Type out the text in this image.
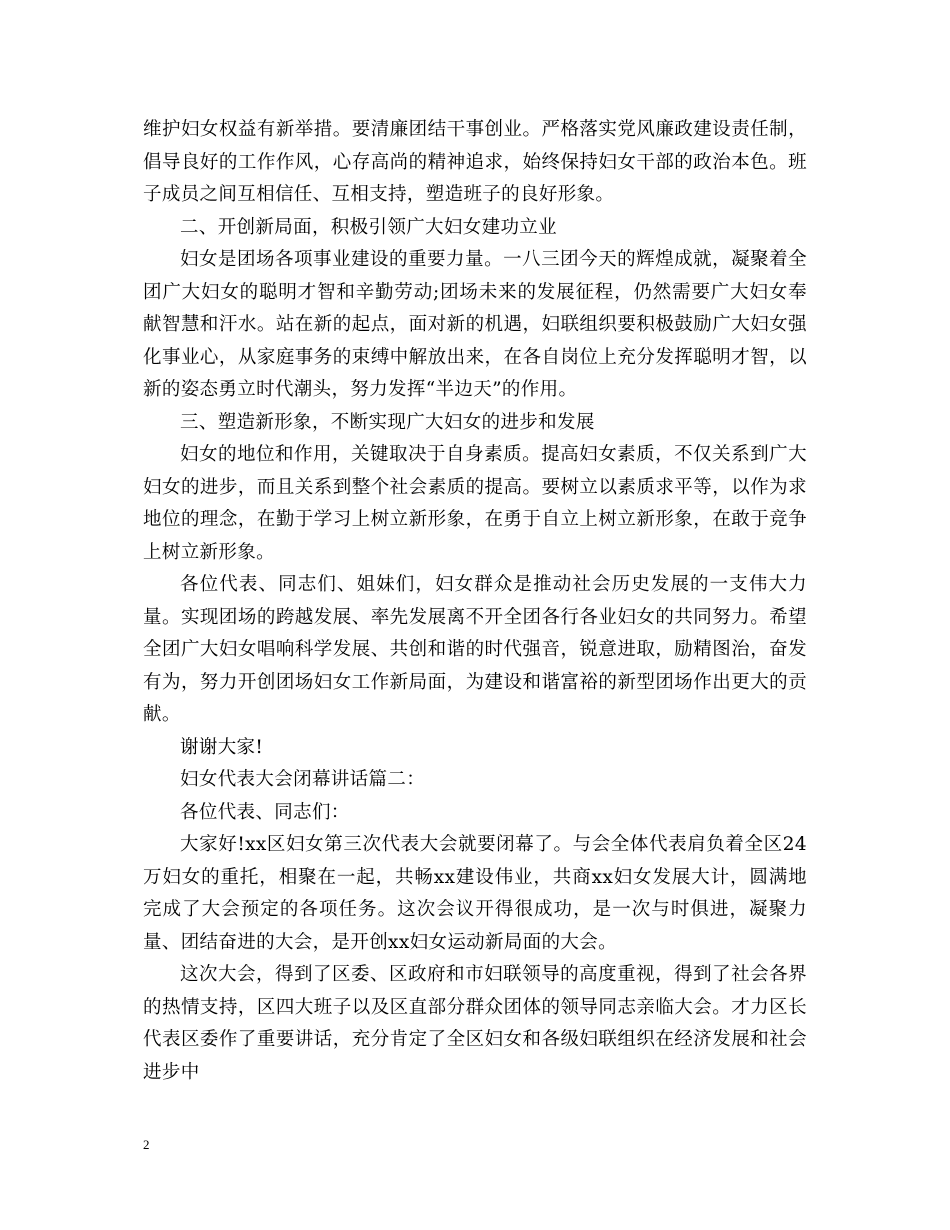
维护妇女权益有新举措。要清廉团结干事创业。严格落实党风廉政建设责任制，倡导良好的工作作风，心存高尚的精神追求，始终保持妇女干部的政治本色。班子成员之间互相信任、互相支持，塑造班子的良好形象。

二、开创新局面，积极引领广大妇女建功立业

妇女是团场各项事业建设的重要力量。一八三团今天的辉煌成就，凝聚着全团广大妇女的聪明才智和辛勤劳动;团场未来的发展征程，仍然需要广大妇女奉献智慧和汗水。站在新的起点，面对新的机遇，妇联组织要积极鼓励广大妇女强化事业心，从家庭事务的束缚中解放出来，在各自岗位上充分发挥聪明才智，以新的姿态勇立时代潮头，努力发挥“半边天”的作用。

三、塑造新形象，不断实现广大妇女的进步和发展

妇女的地位和作用，关键取决于自身素质。提高妇女素质，不仅关系到广大妇女的进步，而且关系到整个社会素质的提高。要树立以素质求平等，以作为求地位的理念，在勤于学习上树立新形象，在勇于自立上树立新形象，在敢于竞争上树立新形象。

各位代表、同志们、姐妹们，妇女群众是推动社会历史发展的一支伟大力量。实现团场的跨越发展、率先发展离不开全团各行各业妇女的共同努力。希望全团广大妇女唱响科学发展、共创和谐的时代强音，锐意进取，励精图治，奋发有为，努力开创团场妇女工作新局面，为建设和谐富裕的新型团场作出更大的贡献。

谢谢大家!

妇女代表大会闭幕讲话篇二：

各位代表、同志们：

大家好!xx区妇女第三次代表大会就要闭幕了。与会全体代表肩负着全区24万妇女的重托，相聚在一起，共畅xx建设伟业，共商xx妇女发展大计，圆满地完成了大会预定的各项任务。这次会议开得很成功，是一次与时俱进，凝聚力量、团结奋进的大会，是开创xx妇女运动新局面的大会。

这次大会，得到了区委、区政府和市妇联领导的高度重视，得到了社会各界的热情支持，区四大班子以及区直部分群众团体的领导同志亲临大会。才力区长代表区委作了重要讲话，充分肯定了全区妇女和各级妇联组织在经济发展和社会进步中

2
